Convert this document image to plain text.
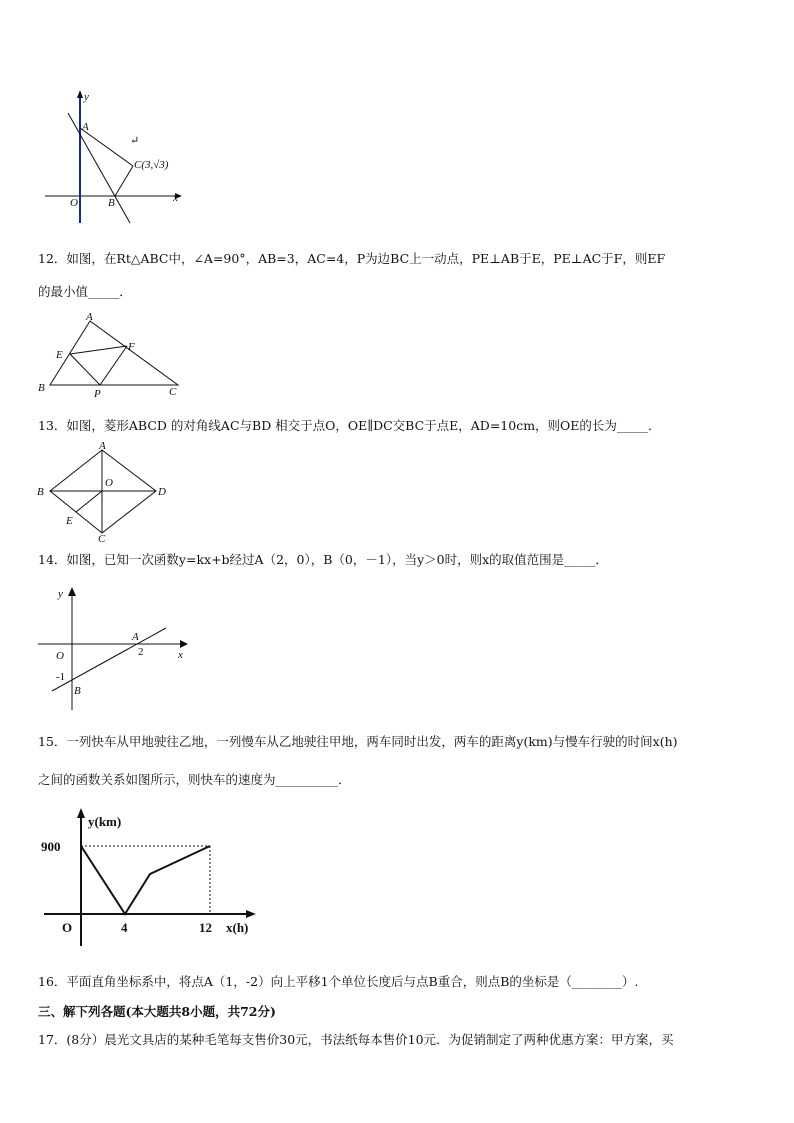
y
x
O
A
B
C(3,√3)
↵
12．如图，在Rt△ABC中，∠A=90°，AB=3，AC=4，P为边BC上一动点，PE⊥AB于E，PE⊥AC于F，则EF
的最小值_____．
A
B	C
E
F
P
13．如图，菱形ABCD 的对角线AC与BD 相交于点O，OE∥DC交BC于点E，AD=10cm，则OE的长为_____．
A
B
C
D
O
E
14．如图，已知一次函数y=kx+b经过A（2，0），B（0，－1），当y＞0时，则x的取值范围是_____．
y
x
O
A
2
-1
B
15．一列快车从甲地驶往乙地，一列慢车从乙地驶往甲地，两车同时出发，两车的距离y(km)与慢车行驶的时间x(h)
之间的函数关系如图所示，则快车的速度为__________．
y(km)
900
O	4	12 x(h)
16．平面直角坐标系中，将点A（1，-2）向上平移1个单位长度后与点B重合，则点B的坐标是（________）.
三、解下列各题(本大题共8小题，共72分)
17．(8分）晨光文具店的某种毛笔每支售价30元，书法纸每本售价10元．为促销制定了两种优惠方案：甲方案，买
